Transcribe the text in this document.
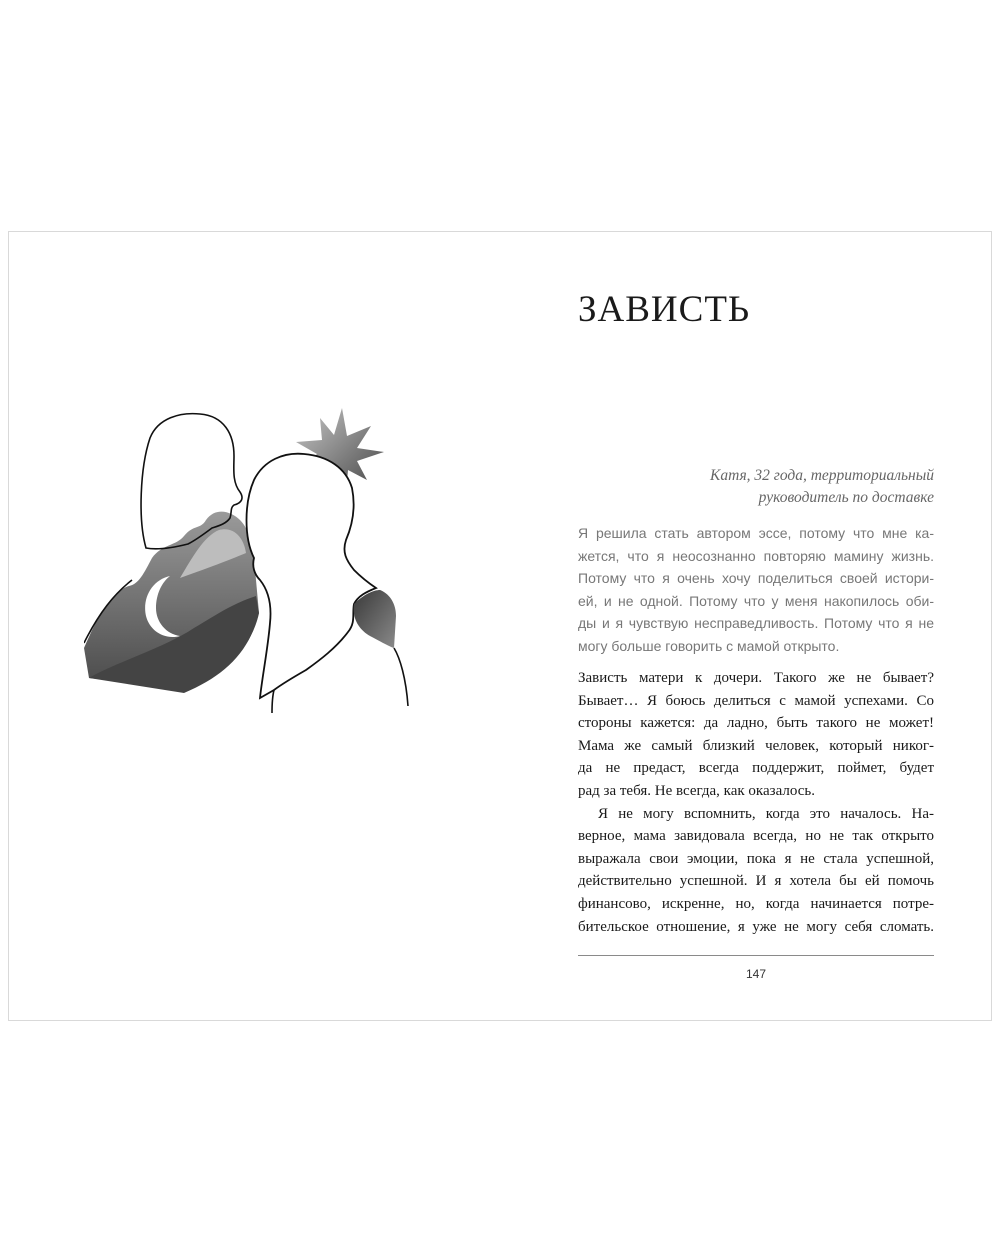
ЗАВИСТЬ
Катя, 32 года, территориальный
руководитель по доставке
Я решила стать автором эссе, потому что мне ка-
жется, что я неосознанно повторяю мамину жизнь.
Потому что я очень хочу поделиться своей истори-
ей, и не одной. Потому что у меня накопилось оби-
ды и я чувствую несправедливость. Потому что я не
могу больше говорить с мамой открыто.
Зависть матери к дочери. Такого же не бывает?
Бывает… Я боюсь делиться с мамой успехами. Со
стороны кажется: да ладно, быть такого не может!
Мама же самый близкий человек, который никог-
да не предаст, всегда поддержит, поймет, будет
рад за тебя. Не всегда, как оказалось.
Я не могу вспомнить, когда это началось. На-
верное, мама завидовала всегда, но не так открыто
выражала свои эмоции, пока я не стала успешной,
действительно успешной. И я хотела бы ей помочь
финансово, искренне, но, когда начинается потре-
бительское отношение, я уже не могу себя сломать.
147
